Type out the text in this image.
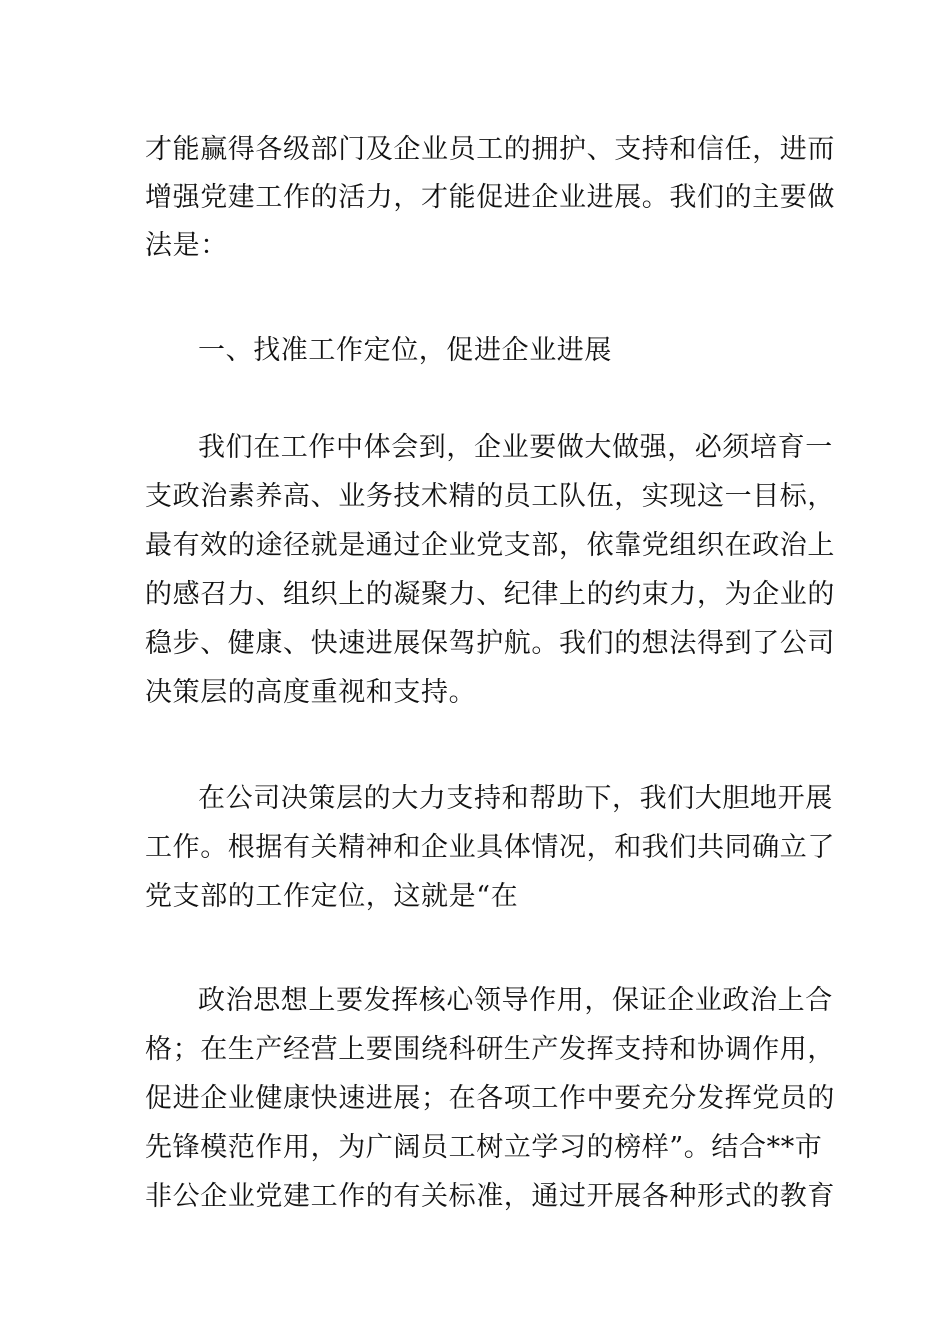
才能赢得各级部门及企业员工的拥护、支持和信任，进而
增强党建工作的活力，才能促进企业进展。我们的主要做
法是：
一、找准工作定位，促进企业进展
我们在工作中体会到，企业要做大做强，必须培育一
支政治素养高、业务技术精的员工队伍，实现这一目标，
最有效的途径就是通过企业党支部，依靠党组织在政治上
的感召力、组织上的凝聚力、纪律上的约束力，为企业的
稳步、健康、快速进展保驾护航。我们的想法得到了公司
决策层的高度重视和支持。
在公司决策层的大力支持和帮助下，我们大胆地开展
工作。根据有关精神和企业具体情况，和我们共同确立了
党支部的工作定位，这就是“在
政治思想上要发挥核心领导作用，保证企业政治上合
格；在生产经营上要围绕科研生产发挥支持和协调作用，
促进企业健康快速进展；在各项工作中要充分发挥党员的
先锋模范作用，为广阔员工树立学习的榜样”。结合**市
非公企业党建工作的有关标准，通过开展各种形式的教育
